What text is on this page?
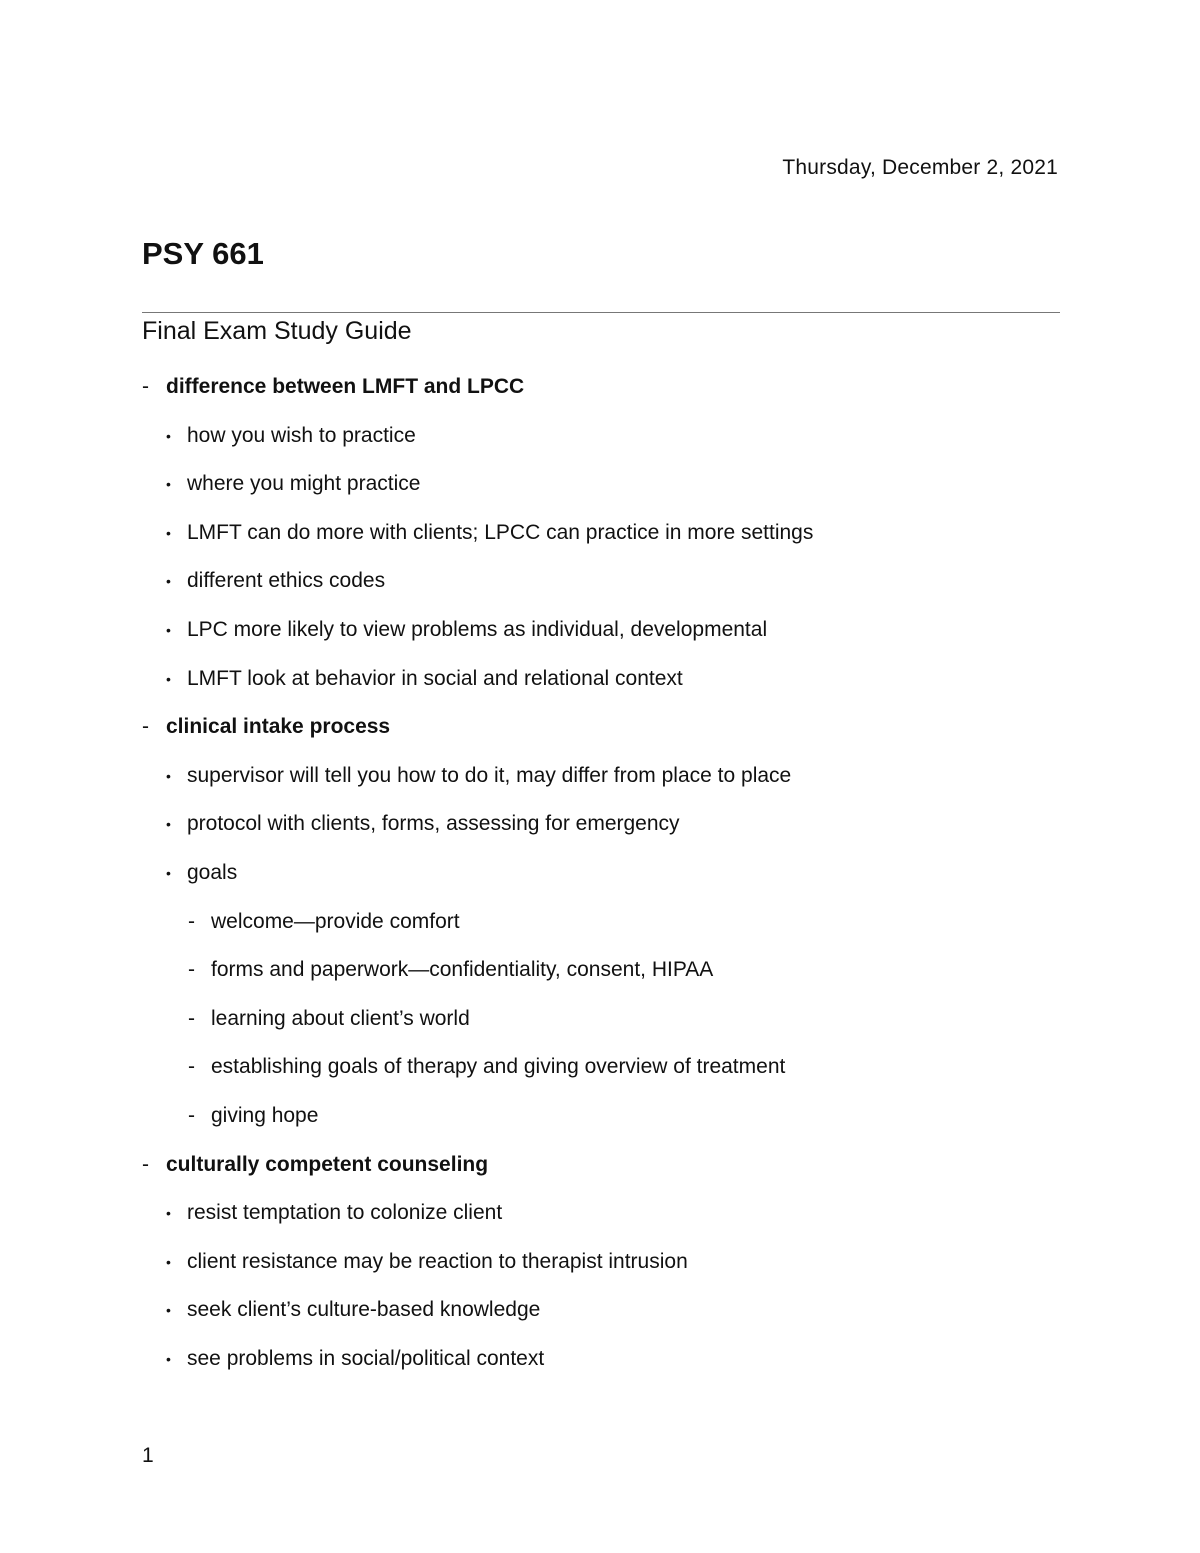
Thursday, December 2, 2021
PSY 661
Final Exam Study Guide
- difference between LMFT and LPCC
• how you wish to practice
• where you might practice
• LMFT can do more with clients; LPCC can practice in more settings
• different ethics codes
• LPC more likely to view problems as individual, developmental
• LMFT look at behavior in social and relational context
- clinical intake process
• supervisor will tell you how to do it, may differ from place to place
• protocol with clients, forms, assessing for emergency
• goals
- welcome—provide comfort
- forms and paperwork—confidentiality, consent, HIPAA
- learning about client’s world
- establishing goals of therapy and giving overview of treatment
- giving hope
- culturally competent counseling
• resist temptation to colonize client
• client resistance may be reaction to therapist intrusion
• seek client’s culture-based knowledge
• see problems in social/political context
1
